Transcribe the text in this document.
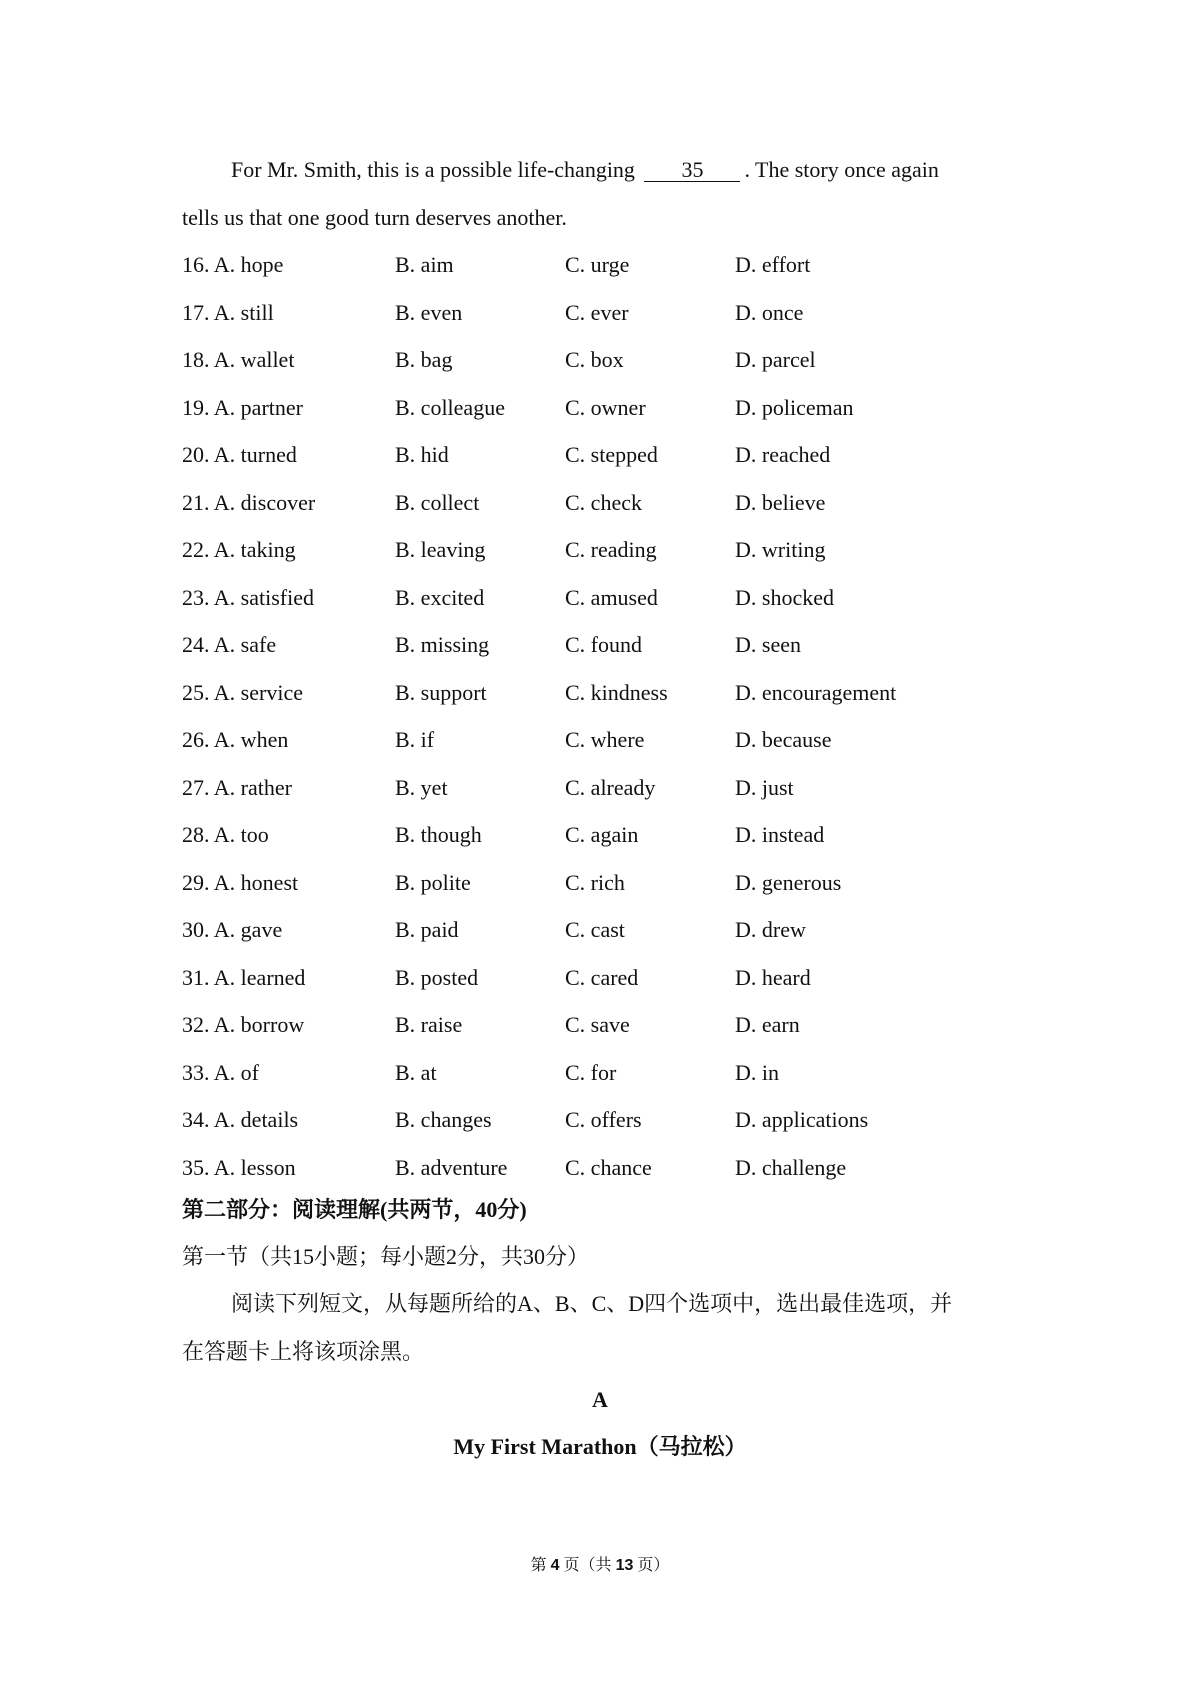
For Mr. Smith, this is a possible life-changing 35 . The story once again
tells us that one good turn deserves another.
16. A. hope	B. aim	C. urge	D. effort
17. A. still	B. even	C. ever	D. once
18. A. wallet	B. bag	C. box	D. parcel
19. A. partner	B. colleague	C. owner	D. policeman
20. A. turned	B. hid	C. stepped	D. reached
21. A. discover	B. collect	C. check	D. believe
22. A. taking	B. leaving	C. reading	D. writing
23. A. satisfied	B. excited	C. amused	D. shocked
24. A. safe	B. missing	C. found	D. seen
25. A. service	B. support	C. kindness	D. encouragement
26. A. when	B. if	C. where	D. because
27. A. rather	B. yet	C. already	D. just
28. A. too	B. though	C. again	D. instead
29. A. honest	B. polite	C. rich	D. generous
30. A. gave	B. paid	C. cast	D. drew
31. A. learned	B. posted	C. cared	D. heard
32. A. borrow	B. raise	C. save	D. earn
33. A. of	B. at	C. for	D. in
34. A. details	B. changes	C. offers	D. applications
35. A. lesson	B. adventure	C. chance	D. challenge
第二部分：阅读理解(共两节，40分)
第一节（共15小题；每小题2分，共30分）
阅读下列短文，从每题所给的A、B、C、D四个选项中，选出最佳选项，并
在答题卡上将该项涂黑。
A
My First Marathon（马拉松）
第 4 页（共 13 页）
